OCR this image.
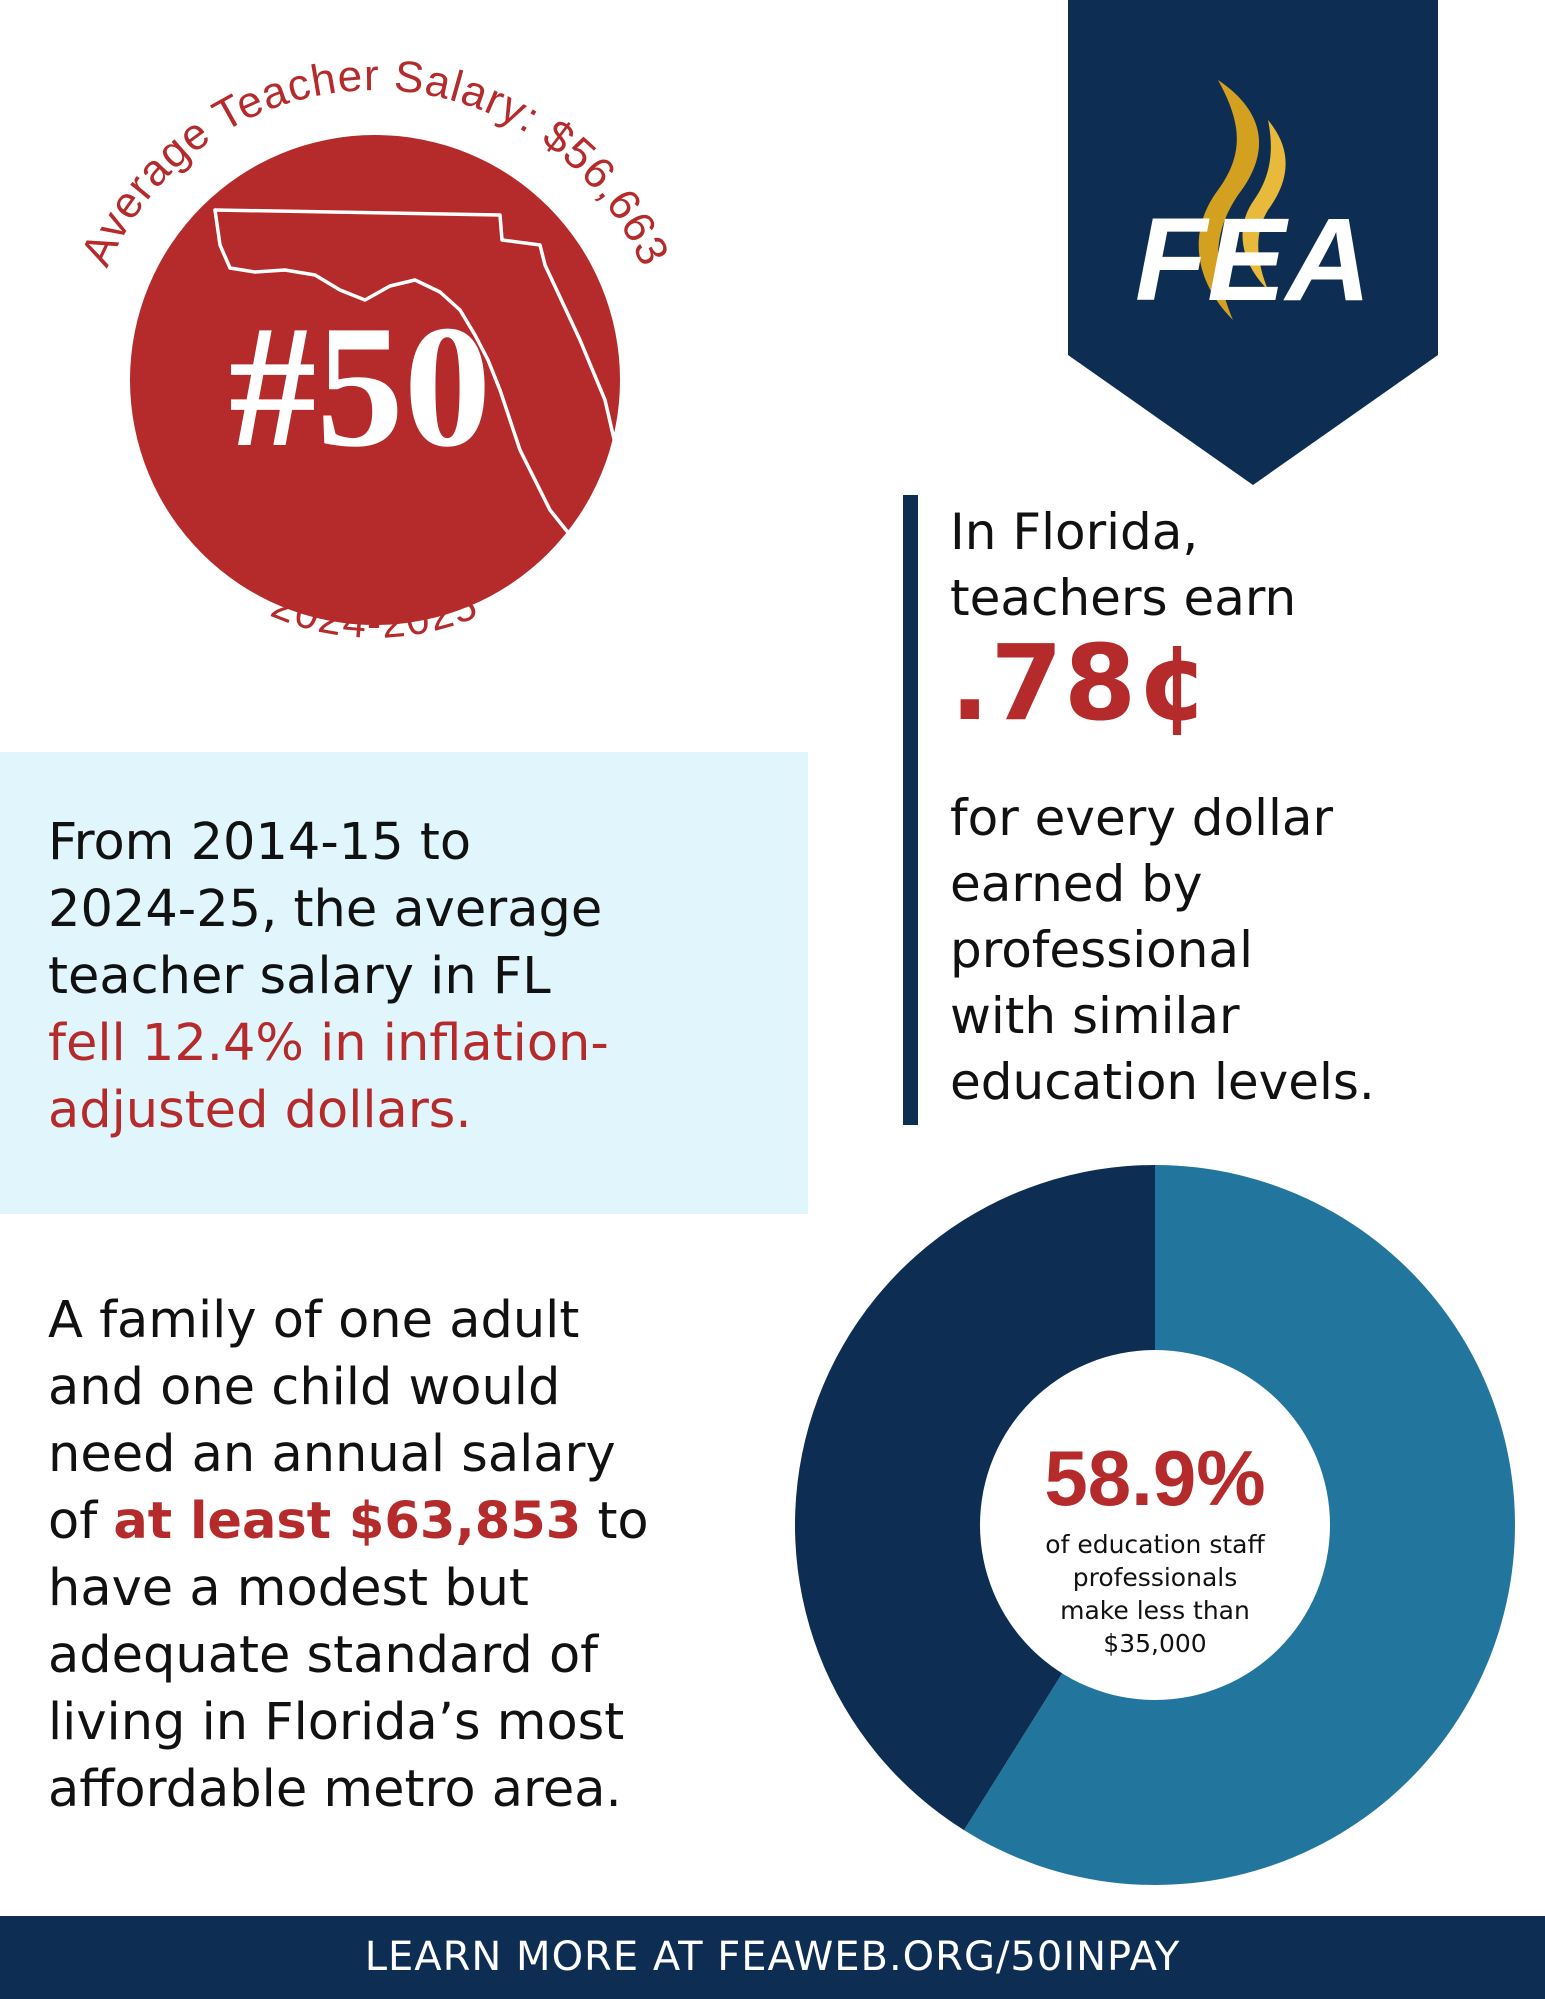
Average Teacher Salary: $56,663
#50
2024-2025
FEA
In Florida,
teachers earn
.78¢
for every dollar
earned by
professional
with similar
education levels.
From 2014-15 to
2024-25, the average
teacher salary in FL
fell 12.4% in inflation-
adjusted dollars.
A family of one adult
and one child would
need an annual salary
of at least $63,853 to
have a modest but
adequate standard of
living in Florida’s most
affordable metro area.
58.9%
of education staff
professionals
make less than
$35,000
LEARN MORE AT FEAWEB.ORG/50INPAY
